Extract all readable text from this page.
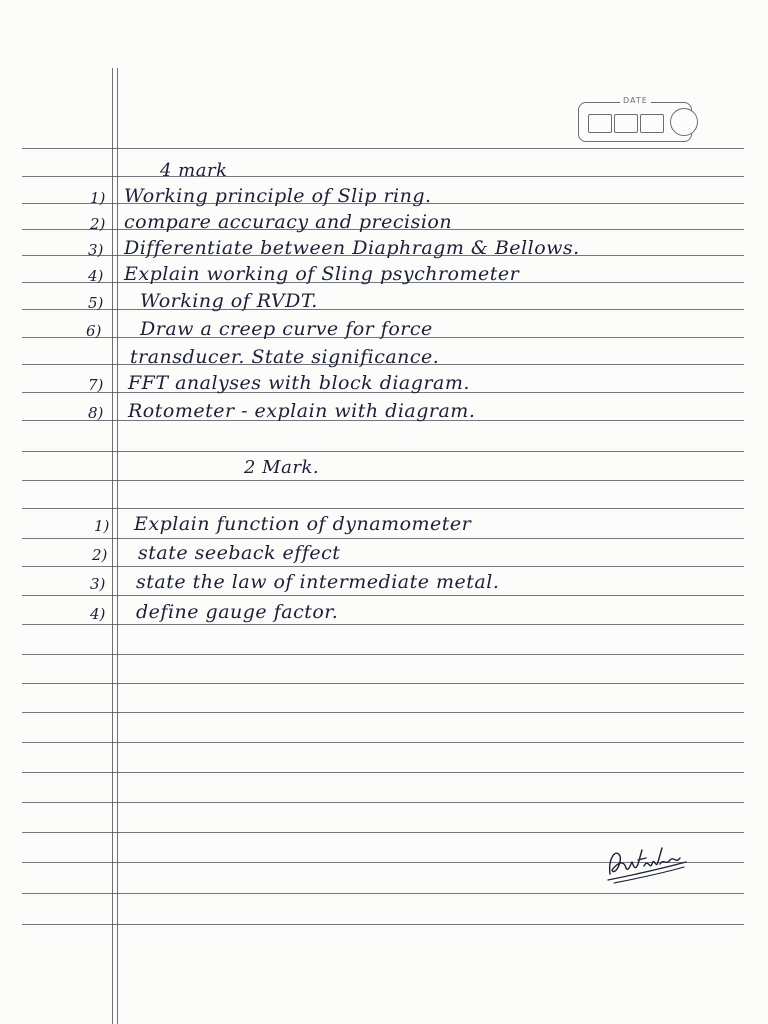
DATE
4 mark
1) Working principle of Slip ring.
2) compare accuracy and precision
3) Differentiate between Diaphragm & Bellows.
4) Explain working of Sling psychrometer
5) Working of RVDT.
6) Draw a creep curve for force
transducer. State significance.
7) FFT analyses with block diagram.
8) Rotometer - explain with diagram.
2 Mark.
1) Explain function of dynamometer
2) state seeback effect
3) state the law of intermediate metal.
4) define gauge factor.
